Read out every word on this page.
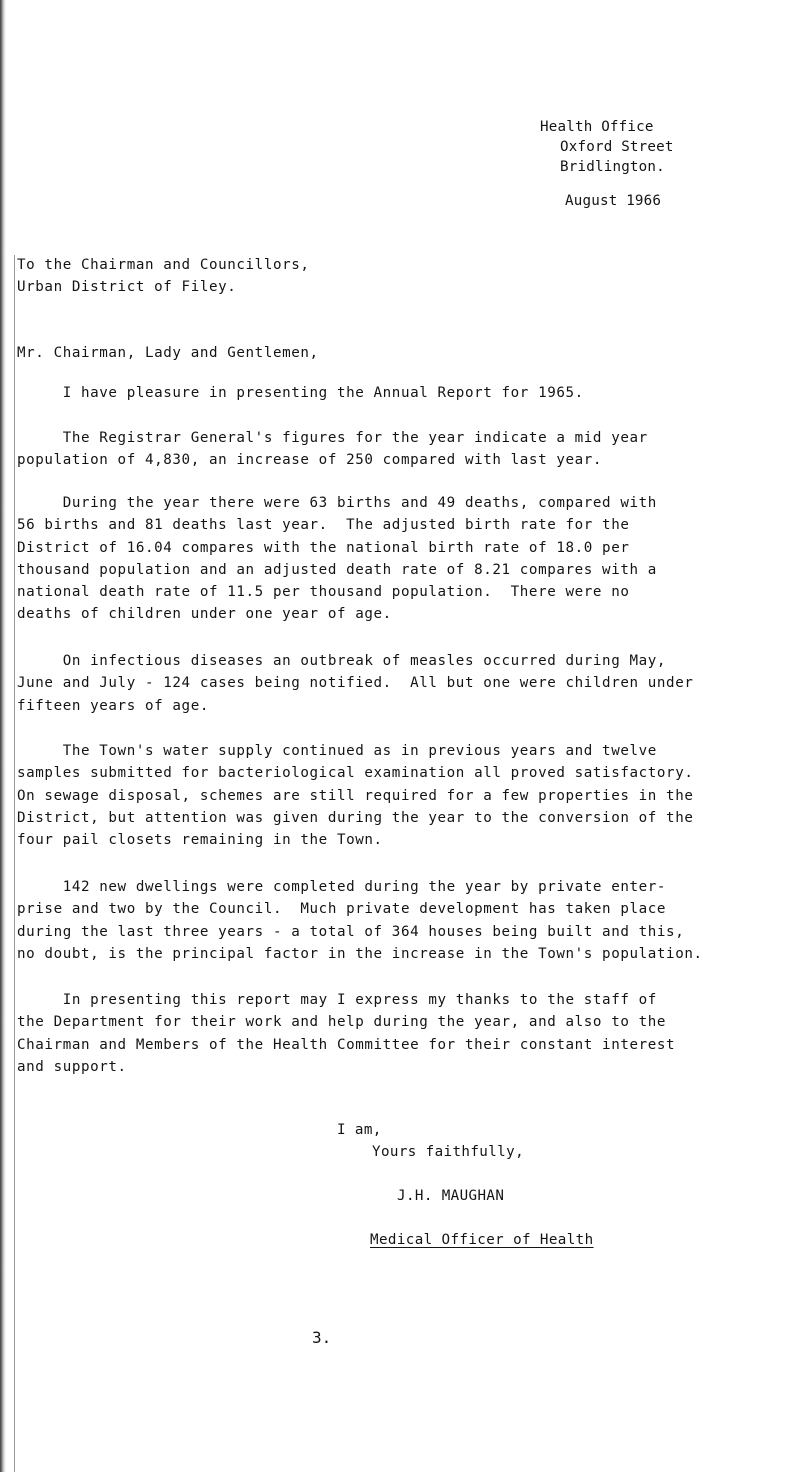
Health Office
Oxford Street
Bridlington.
August 1966
To the Chairman and Councillors,
Urban District of Filey.
Mr. Chairman, Lady and Gentlemen,
I have pleasure in presenting the Annual Report for 1965.
The Registrar General's figures for the year indicate a mid year
population of 4,830, an increase of 250 compared with last year.
During the year there were 63 births and 49 deaths, compared with
56 births and 81 deaths last year.  The adjusted birth rate for the
District of 16.04 compares with the national birth rate of 18.0 per
thousand population and an adjusted death rate of 8.21 compares with a
national death rate of 11.5 per thousand population.  There were no
deaths of children under one year of age.
On infectious diseases an outbreak of measles occurred during May,
June and July - 124 cases being notified.  All but one were children under
fifteen years of age.
The Town's water supply continued as in previous years and twelve
samples submitted for bacteriological examination all proved satisfactory.
On sewage disposal, schemes are still required for a few properties in the
District, but attention was given during the year to the conversion of the
four pail closets remaining in the Town.
142 new dwellings were completed during the year by private enter-
prise and two by the Council.  Much private development has taken place
during the last three years - a total of 364 houses being built and this,
no doubt, is the principal factor in the increase in the Town's population.
In presenting this report may I express my thanks to the staff of
the Department for their work and help during the year, and also to the
Chairman and Members of the Health Committee for their constant interest
and support.
I am,
Yours faithfully,
J.H. MAUGHAN
Medical Officer of Health
3.
